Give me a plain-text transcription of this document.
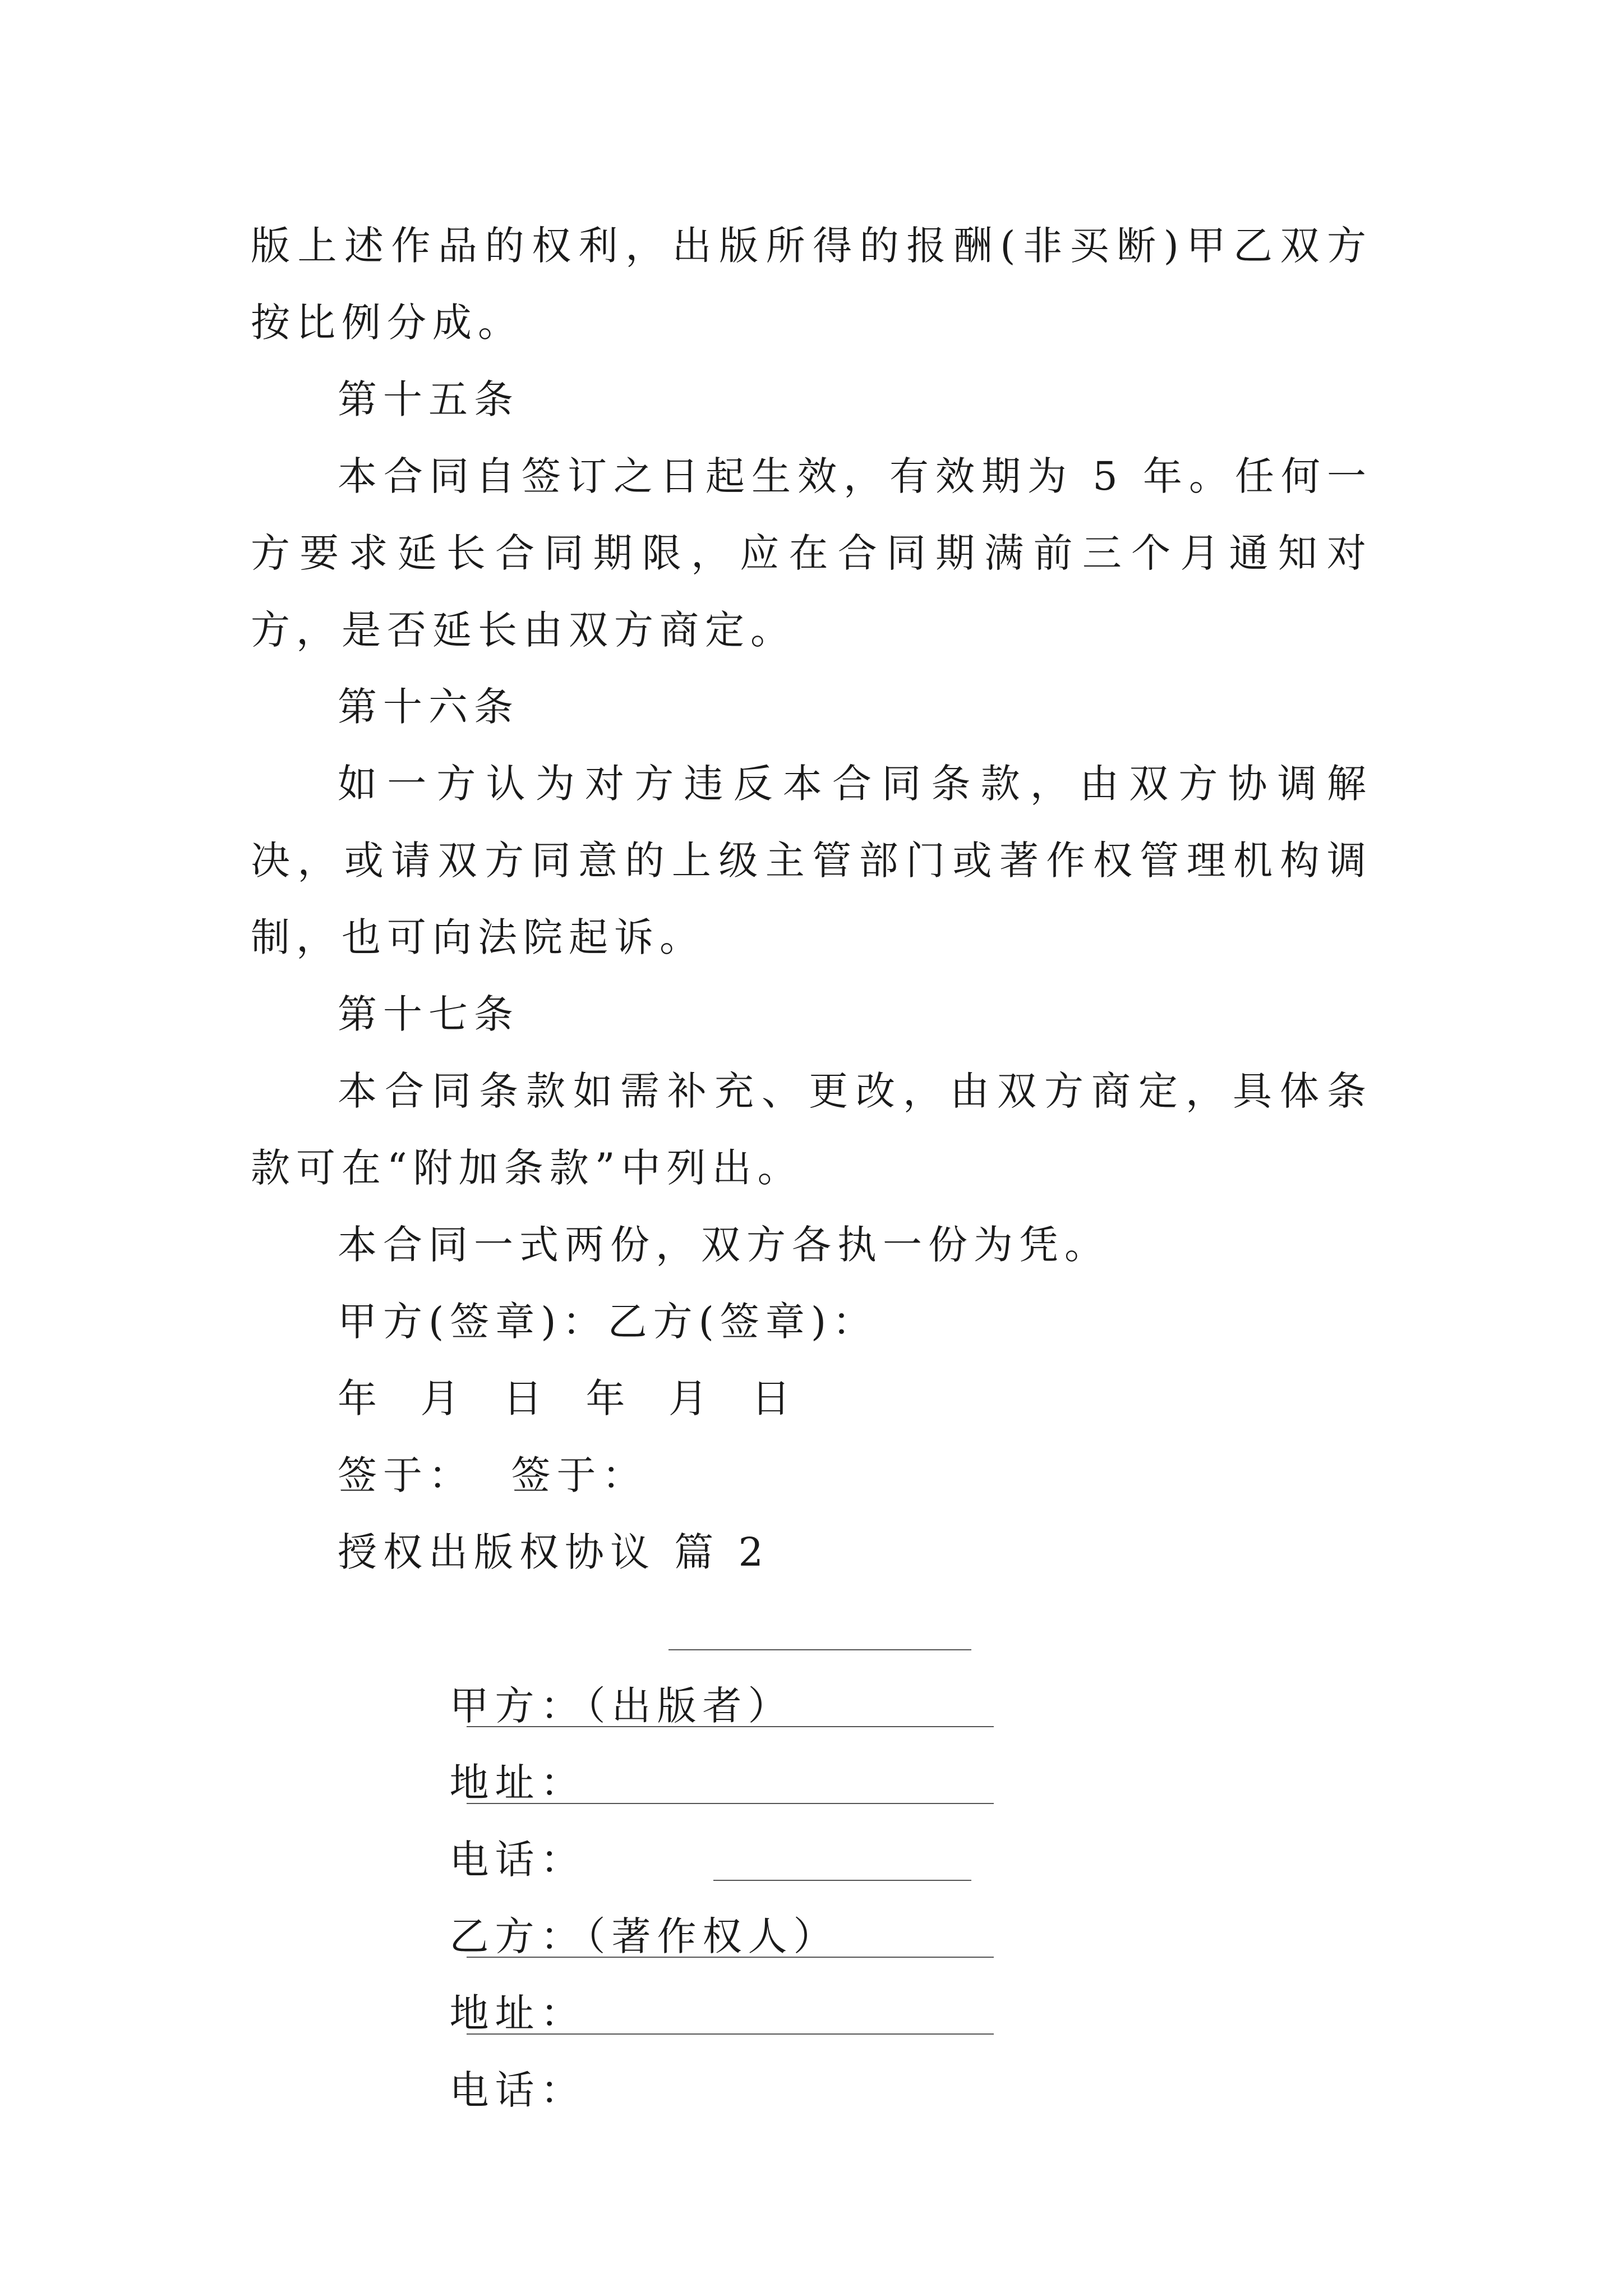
版上述作品的权利，出版所得的报酬(非买断)甲乙双方按比例分成。

第十五条

本合同自签订之日起生效，有效期为 5 年。任何一方要求延长合同期限，应在合同期满前三个月通知对方，是否延长由双方商定。

第十六条

如一方认为对方违反本合同条款，由双方协调解决，或请双方同意的上级主管部门或著作权管理机构调制，也可向法院起诉。

第十七条

本合同条款如需补充、更改，由双方商定，具体条款可在“附加条款”中列出。

本合同一式两份，双方各执一份为凭。

甲方(签章)：乙方(签章)：

年  月  日  年  月  日

签于：  签于：

授权出版权协议 篇 2

甲方：（出版者）

地址：

电话：

乙方：（著作权人）

地址：

电话：
